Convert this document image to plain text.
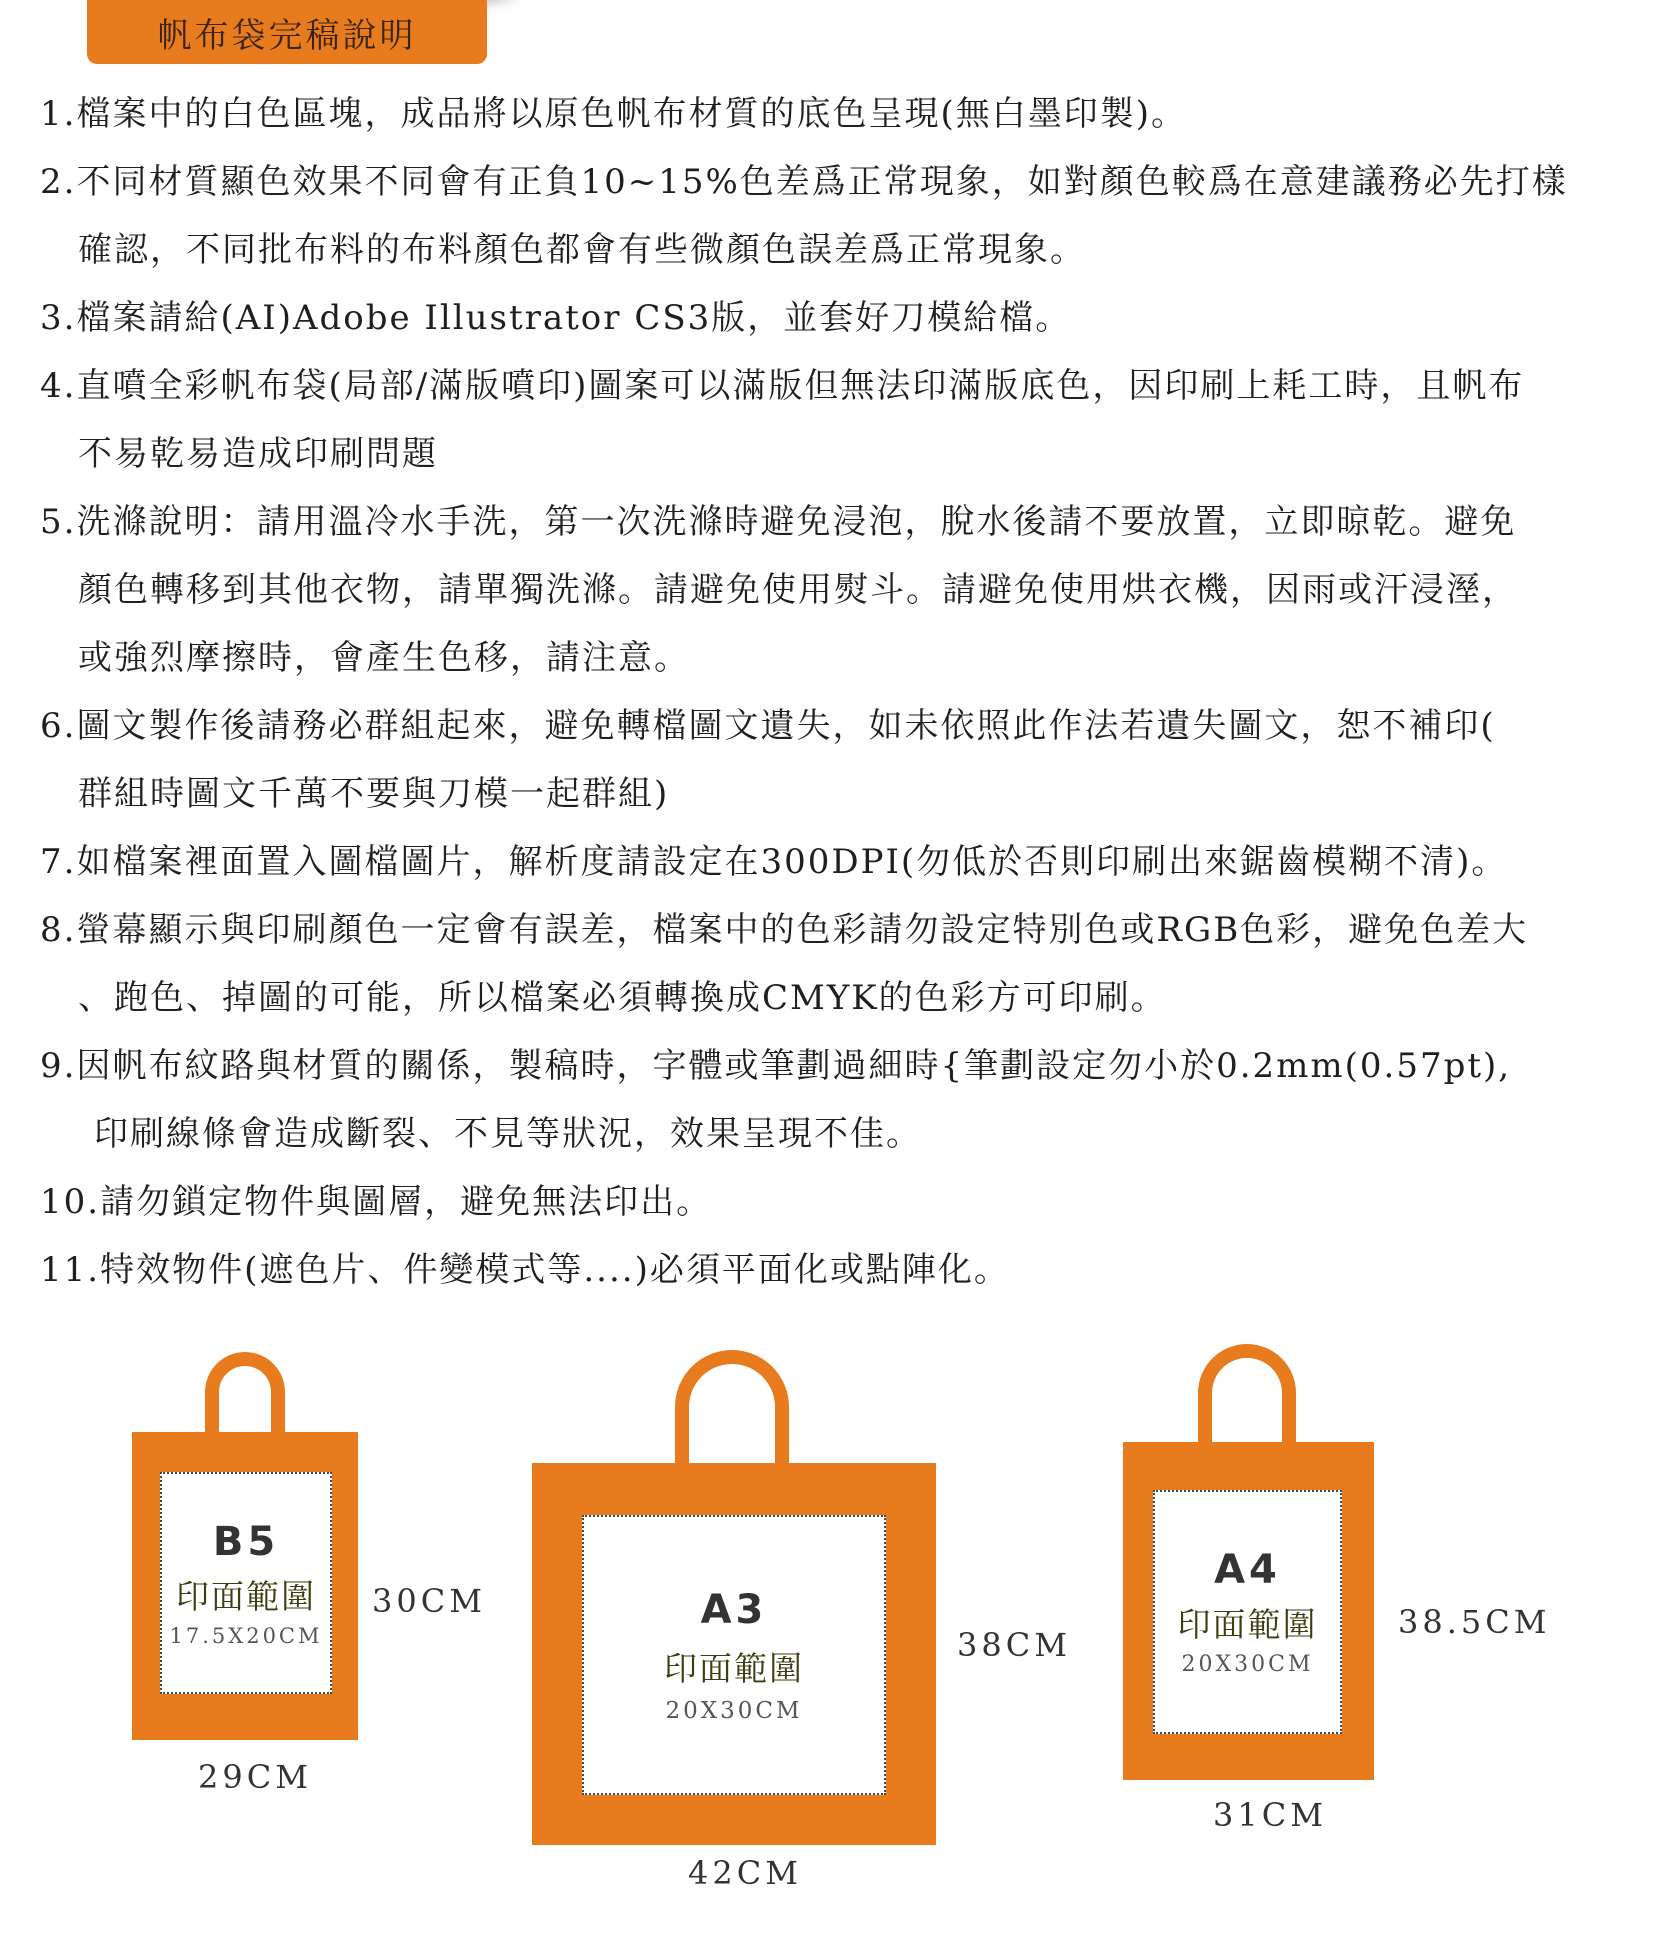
帆布袋完稿說明
1.檔案中的白色區塊，成品將以原色帆布材質的底色呈現(無白墨印製)。
2.不同材質顯色效果不同會有正負10~15%色差爲正常現象，如對顏色較爲在意建議務必先打樣
確認，不同批布料的布料顏色都會有些微顏色誤差爲正常現象。
3.檔案請給(AI)Adobe Illustrator CS3版，並套好刀模給檔。
4.直噴全彩帆布袋(局部/滿版噴印)圖案可以滿版但無法印滿版底色，因印刷上耗工時，且帆布
不易乾易造成印刷問題
5.洗滌說明：請用溫冷水手洗，第一次洗滌時避免浸泡，脫水後請不要放置，立即晾乾。避免
顏色轉移到其他衣物，請單獨洗滌。請避免使用熨斗。請避免使用烘衣機，因雨或汗浸溼，
或強烈摩擦時，會產生色移，請注意。
6.圖文製作後請務必群組起來，避免轉檔圖文遺失，如未依照此作法若遺失圖文，恕不補印(
群組時圖文千萬不要與刀模一起群組)
7.如檔案裡面置入圖檔圖片，解析度請設定在300DPI(勿低於否則印刷出來鋸齒模糊不清)。
8.螢幕顯示與印刷顏色一定會有誤差，檔案中的色彩請勿設定特別色或RGB色彩，避免色差大
、跑色、掉圖的可能，所以檔案必須轉換成CMYK的色彩方可印刷。
9.因帆布紋路與材質的關係，製稿時，字體或筆劃過細時{筆劃設定勿小於0.2mm(0.57pt),
印刷線條會造成斷裂、不見等狀況，效果呈現不佳。
10.請勿鎖定物件與圖層，避免無法印出。
11.特效物件(遮色片、件變模式等....)必須平面化或點陣化。
B5
印面範圍
17.5X20CM
30CM
29CM
A3
印面範圍
20X30CM
38CM
42CM
A4
印面範圍
20X30CM
38.5CM
31CM
